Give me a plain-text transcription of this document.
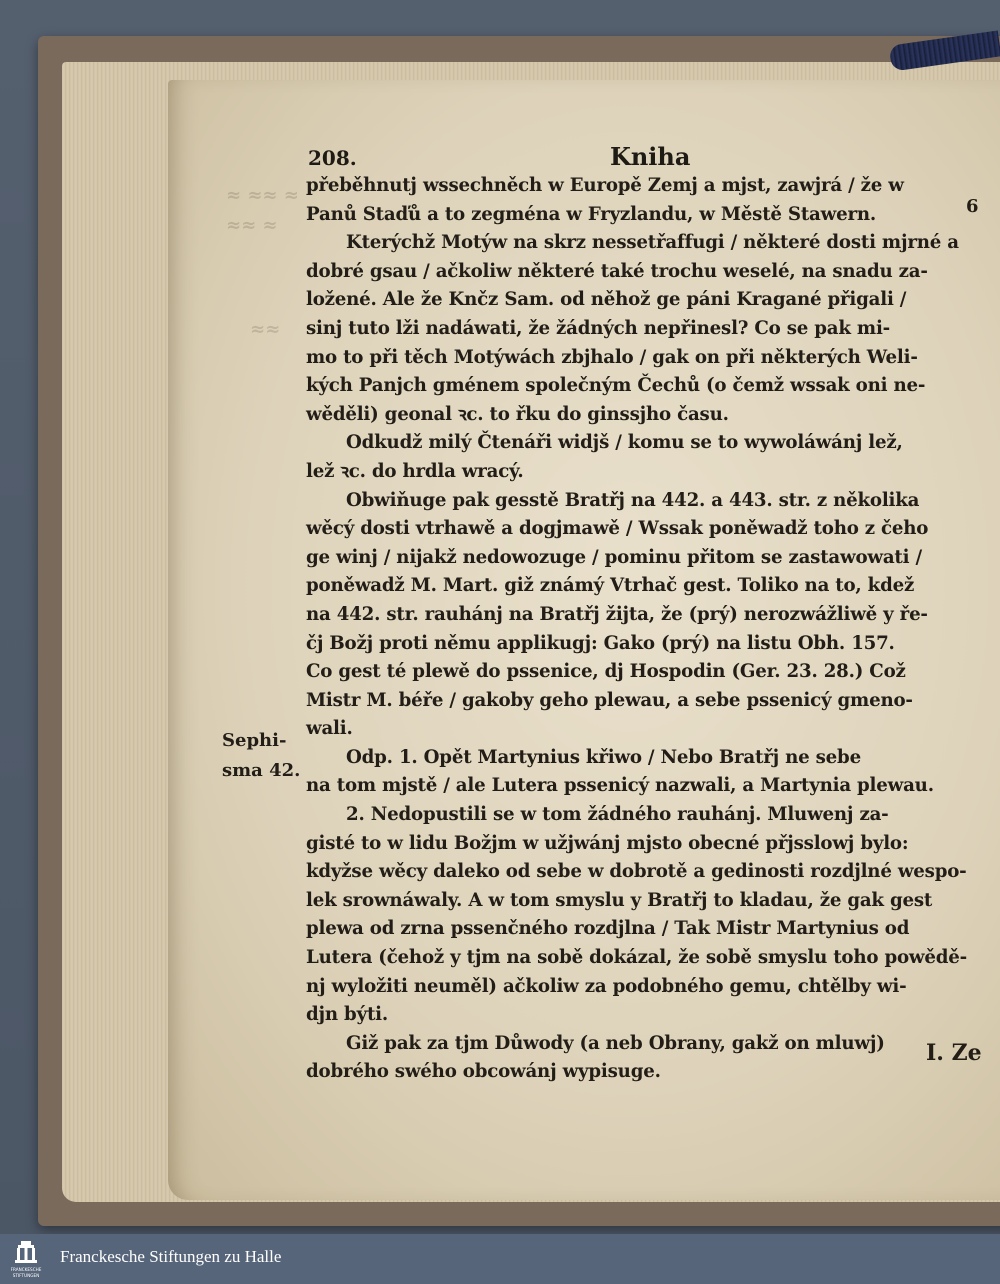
≈ ≈≈ ≈
≈≈ ≈
≈≈
208.	Kniha
přeběhnutj wssechněch w Europě Zemj a mjst, zawjrá / že w
Panů Staďů a to zegména w Fryzlandu, w Městě Stawern.
Kterýchž Motýw na skrz nessetřaffugi / některé dosti mjrné a
dobré gsau / ačkoliw některé také trochu weselé, na snadu za-
ložené. Ale že Knčz Sam. od něhož ge páni Kragané přigali /
sinj tuto lži nadáwati, že žádných nepřinesl? Co se pak mi-
mo to při těch Motýwách zbjhalo / gak on při některých Weli-
kých Panjch gménem společným Čechů (o čemž wssak oni ne-
wěděli) geonal ꝛc. to řku do ginssjho času.
Odkudž milý Čtenáři widjš / komu se to wywoláwánj lež,
lež ꝛc. do hrdla wracý.
Obwiňuge pak gesstě Bratřj na 442. a 443. str. z několika
wěcý dosti vtrhawě a dogjmawě / Wssak poněwadž toho z čeho
ge winj / nijakž nedowozuge / pominu přitom se zastawowati /
poněwadž M. Mart. giž známý Vtrhač gest. Toliko na to, kdež
na 442. str. rauhánj na Bratřj žijta, že (prý) nerozwážliwě y ře-
čj Božj proti němu applikugj: Gako (prý) na listu Obh. 157.
Co gest té plewě do pssenice, dj Hospodin (Ger. 23. 28.) Což
Mistr M. béře / gakoby geho plewau, a sebe pssenicý gmeno-
wali.
Odp. 1. Opět Martynius křiwo / Nebo Bratřj ne sebe
na tom mjstě / ale Lutera pssenicý nazwali, a Martynia plewau.
2. Nedopustili se w tom žádného rauhánj. Mluwenj za-
gisté to w lidu Božjm w užjwánj mjsto obecné přjsslowj bylo:
kdyžse wěcy daleko od sebe w dobrotě a gedinosti rozdjlné wespo-
lek srownáwaly. A w tom smyslu y Bratřj to kladau, že gak gest
plewa od zrna pssenčného rozdjlna / Tak Mistr Martynius od
Lutera (čehož y tjm na sobě dokázal, že sobě smyslu toho powědě-
nj wyložiti neuměl) ačkoliw za podobného gemu, chtělby wi-
djn býti.
Giž pak za tjm Důwody (a neb Obrany, gakž on mluwj)
dobrého swého obcowánj wypisuge.
Sephi-
sma 42.
6
I. Ze
FRANCKESCHE
STIFTUNGEN
Franckesche Stiftungen zu Halle
